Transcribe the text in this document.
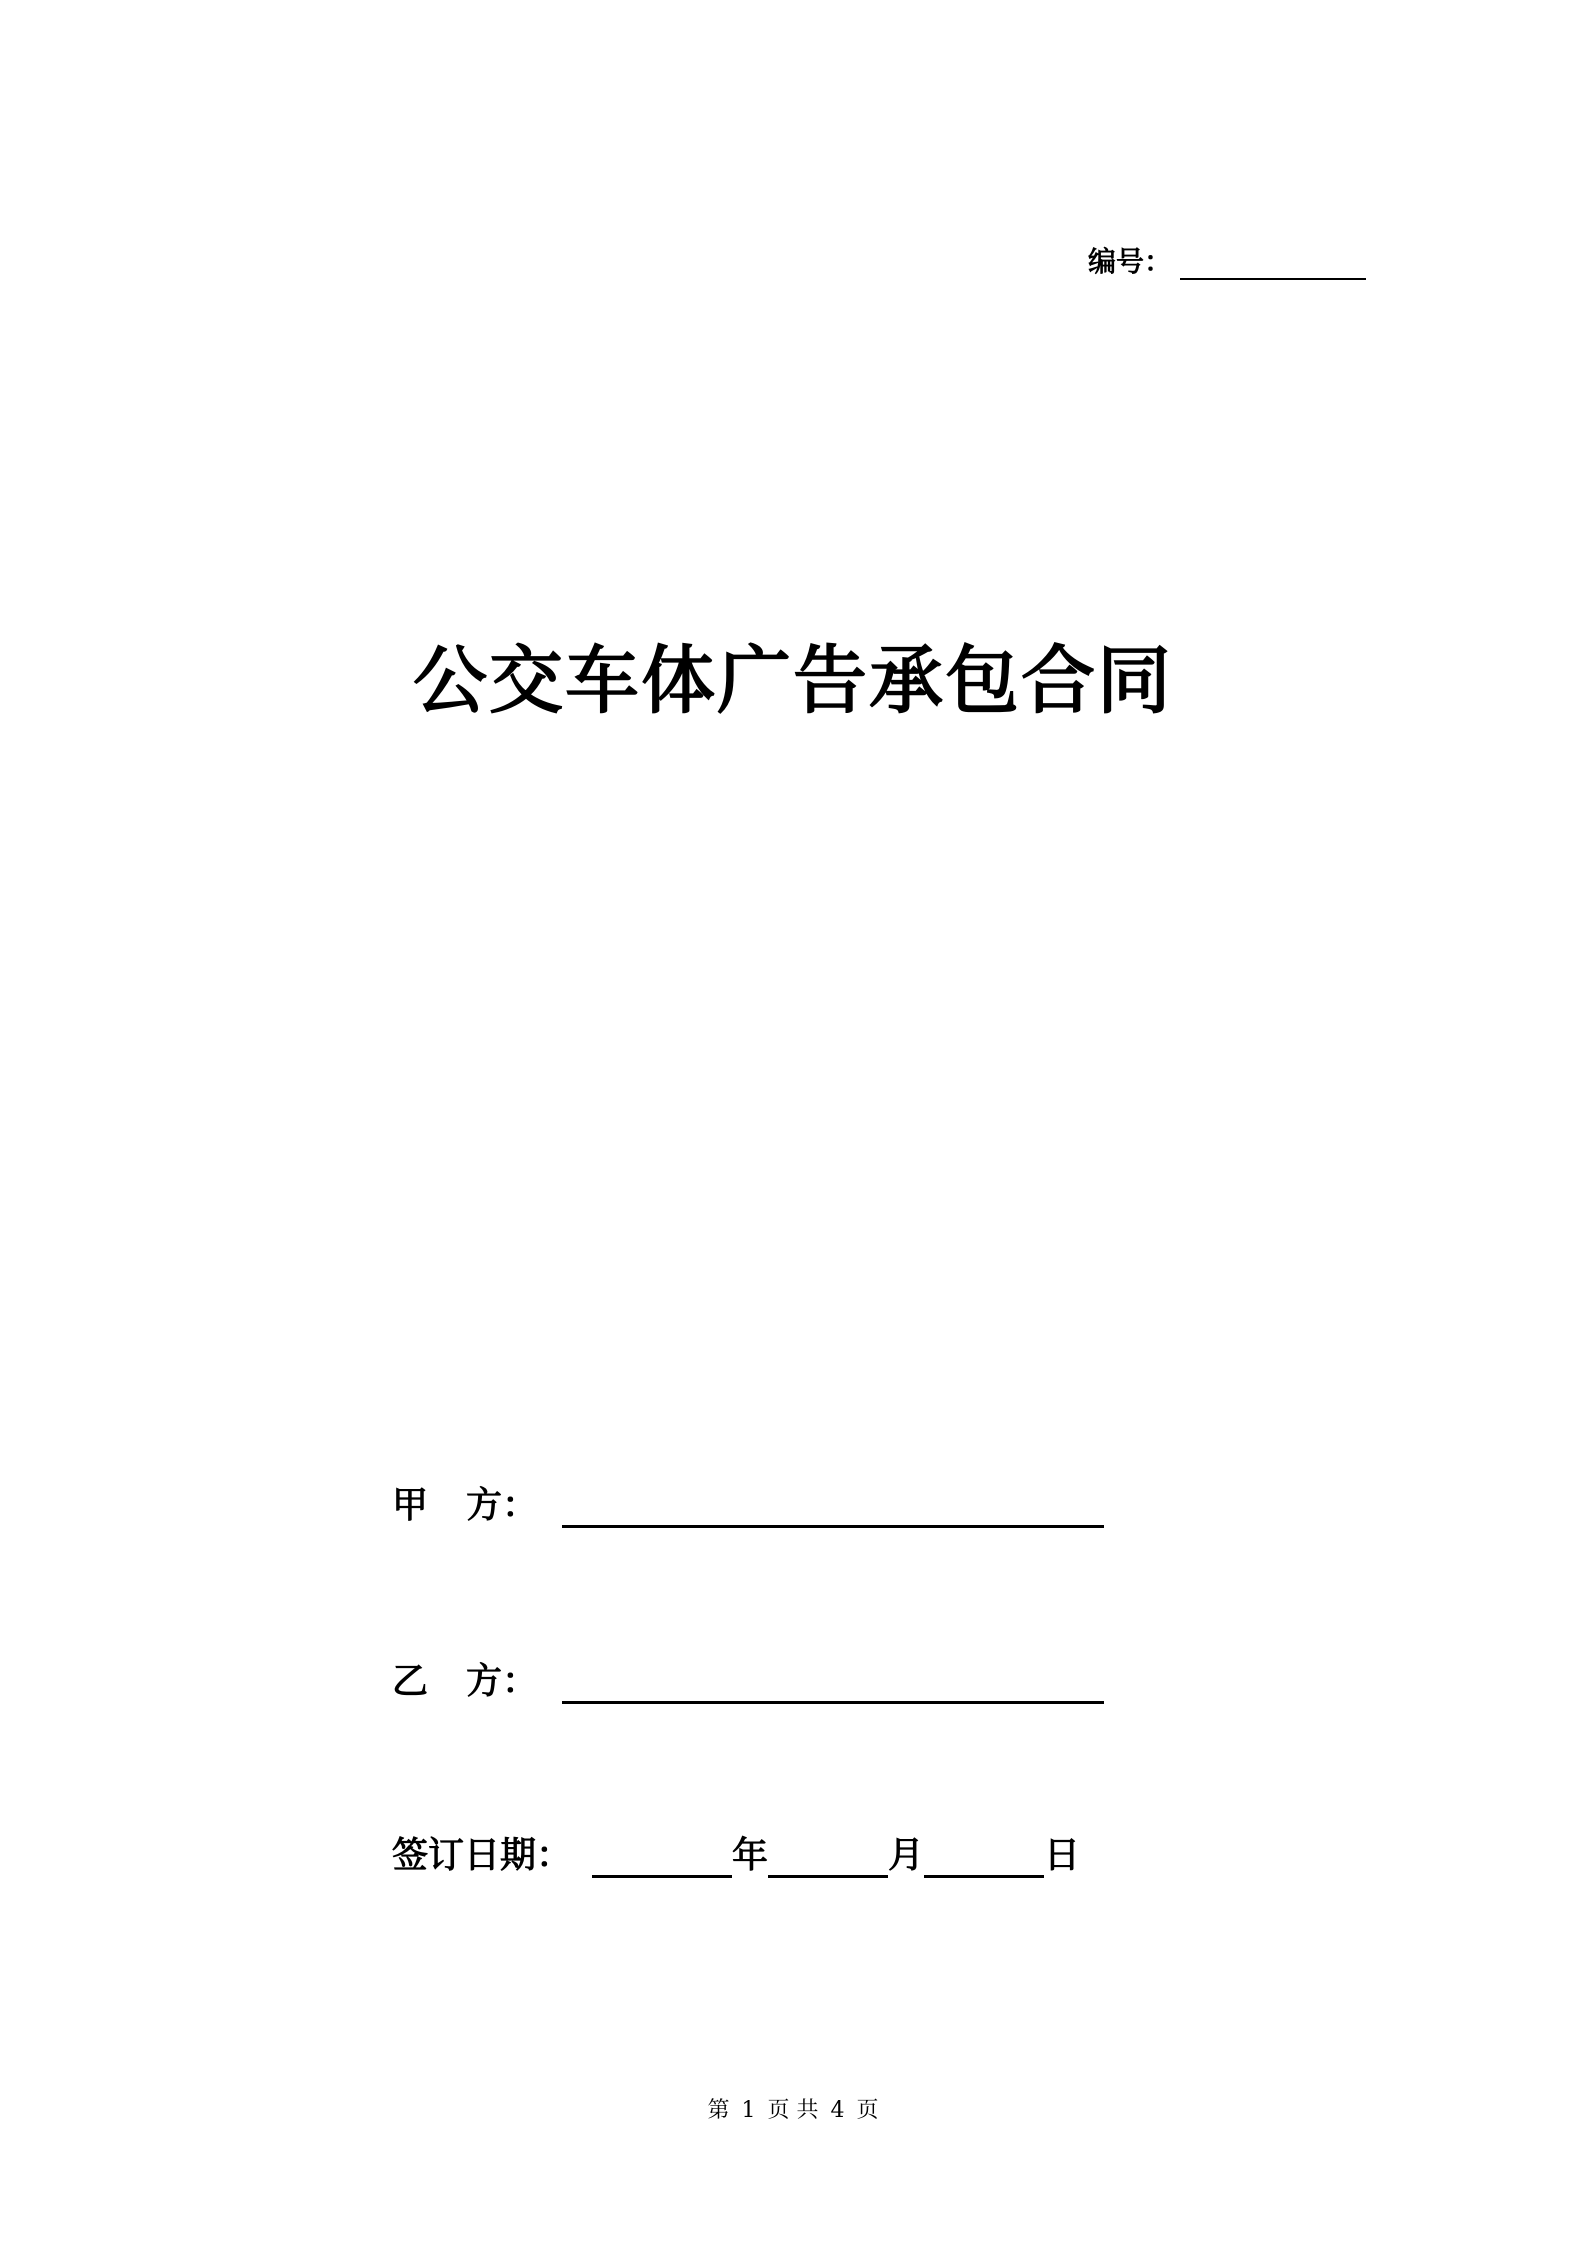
编号：
公交车体广告承包合同
甲 方：
乙 方：
签订日期：	年	月	日
第 1 页 共 4 页
